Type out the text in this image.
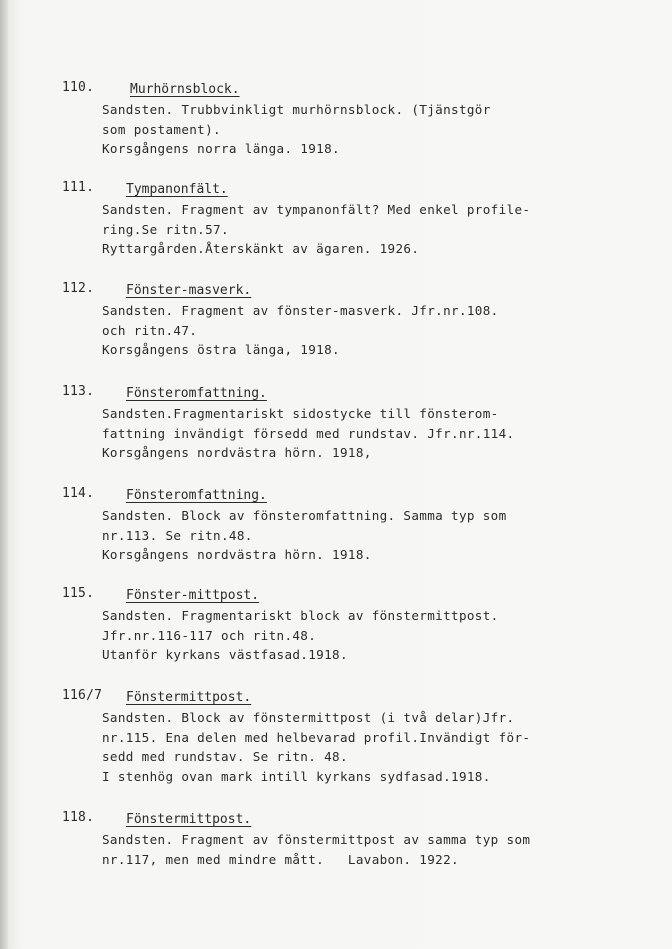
110.	Murhörnsblock.
Sandsten. Trubbvinkligt murhörnsblock. (Tjänstgör
som postament).
Korsgångens norra länga. 1918.
111.	Tympanonfält.
Sandsten. Fragment av tympanonfält? Med enkel profile-
ring.Se ritn.57.
Ryttargården.Återskänkt av ägaren. 1926.
112.	Fönster-masverk.
Sandsten. Fragment av fönster-masverk. Jfr.nr.108.
och ritn.47.
Korsgångens östra länga, 1918.
113.	Fönsteromfattning.
Sandsten.Fragmentariskt sidostycke till fönsterom-
fattning invändigt försedd med rundstav. Jfr.nr.114.
Korsgångens nordvästra hörn. 1918,
114.	Fönsteromfattning.
Sandsten. Block av fönsteromfattning. Samma typ som
nr.113. Se ritn.48.
Korsgångens nordvästra hörn. 1918.
115.	Fönster-mittpost.
Sandsten. Fragmentariskt block av fönstermittpost.
Jfr.nr.116-117 och ritn.48.
Utanför kyrkans västfasad.1918.
116/7	Fönstermittpost.
Sandsten. Block av fönstermittpost (i två delar)Jfr.
nr.115. Ena delen med helbevarad profil.Invändigt för-
sedd med rundstav. Se ritn. 48.
I stenhög ovan mark intill kyrkans sydfasad.1918.
118.	Fönstermittpost.
Sandsten. Fragment av fönstermittpost av samma typ som
nr.117, men med mindre mått.   Lavabon. 1922.
